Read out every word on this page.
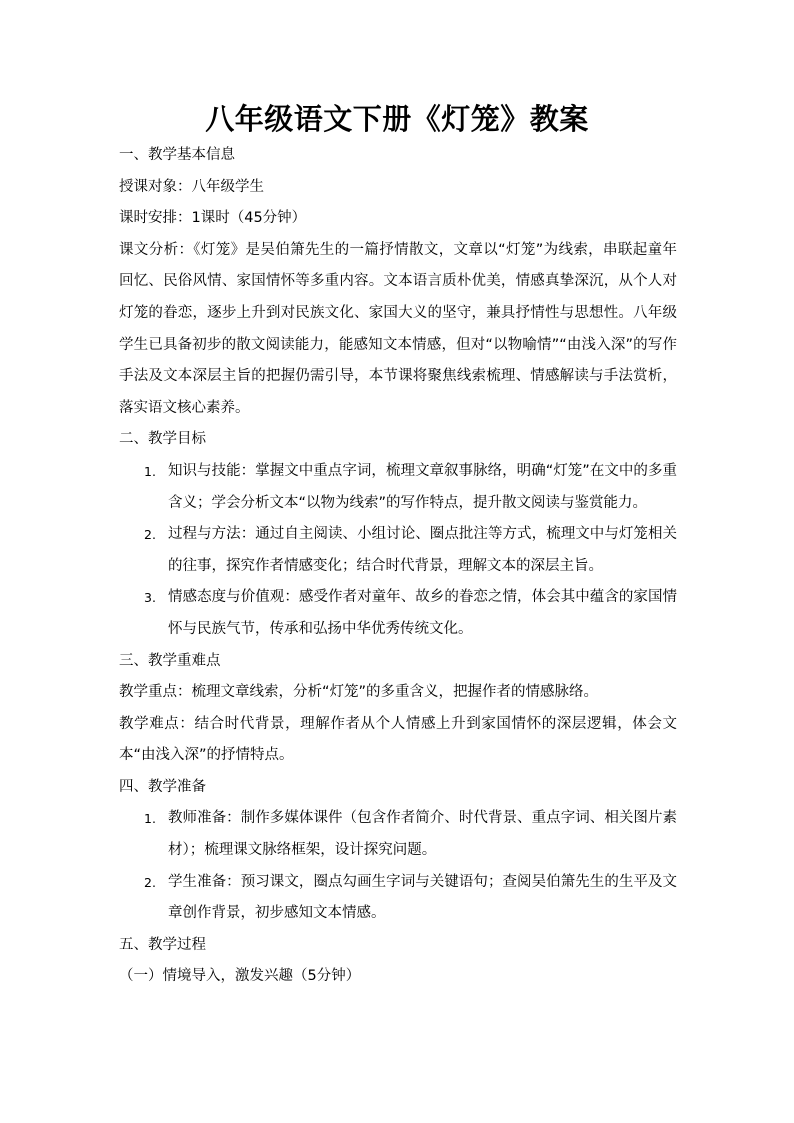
八年级语文下册《灯笼》教案

一、教学基本信息

授课对象：八年级学生

课时安排：1课时（45分钟）

课文分析：《灯笼》是吴伯箫先生的一篇抒情散文，文章以“灯笼”为线索，串联起童年回忆、民俗风情、家国情怀等多重内容。文本语言质朴优美，情感真挚深沉，从个人对灯笼的眷恋，逐步上升到对民族文化、家国大义的坚守，兼具抒情性与思想性。八年级学生已具备初步的散文阅读能力，能感知文本情感，但对“以物喻情”“由浅入深”的写作手法及文本深层主旨的把握仍需引导，本节课将聚焦线索梳理、情感解读与手法赏析，落实语文核心素养。

二、教学目标

1. 知识与技能：掌握文中重点字词，梳理文章叙事脉络，明确“灯笼”在文中的多重含义；学会分析文本“以物为线索”的写作特点，提升散文阅读与鉴赏能力。
2. 过程与方法：通过自主阅读、小组讨论、圈点批注等方式，梳理文中与灯笼相关的往事，探究作者情感变化；结合时代背景，理解文本的深层主旨。
3. 情感态度与价值观：感受作者对童年、故乡的眷恋之情，体会其中蕴含的家国情怀与民族气节，传承和弘扬中华优秀传统文化。

三、教学重难点

教学重点：梳理文章线索，分析“灯笼”的多重含义，把握作者的情感脉络。

教学难点：结合时代背景，理解作者从个人情感上升到家国情怀的深层逻辑，体会文本“由浅入深”的抒情特点。

四、教学准备

1. 教师准备：制作多媒体课件（包含作者简介、时代背景、重点字词、相关图片素材）；梳理课文脉络框架，设计探究问题。
2. 学生准备：预习课文，圈点勾画生字词与关键语句；查阅吴伯箫先生的生平及文章创作背景，初步感知文本情感。

五、教学过程

（一）情境导入，激发兴趣（5分钟）
